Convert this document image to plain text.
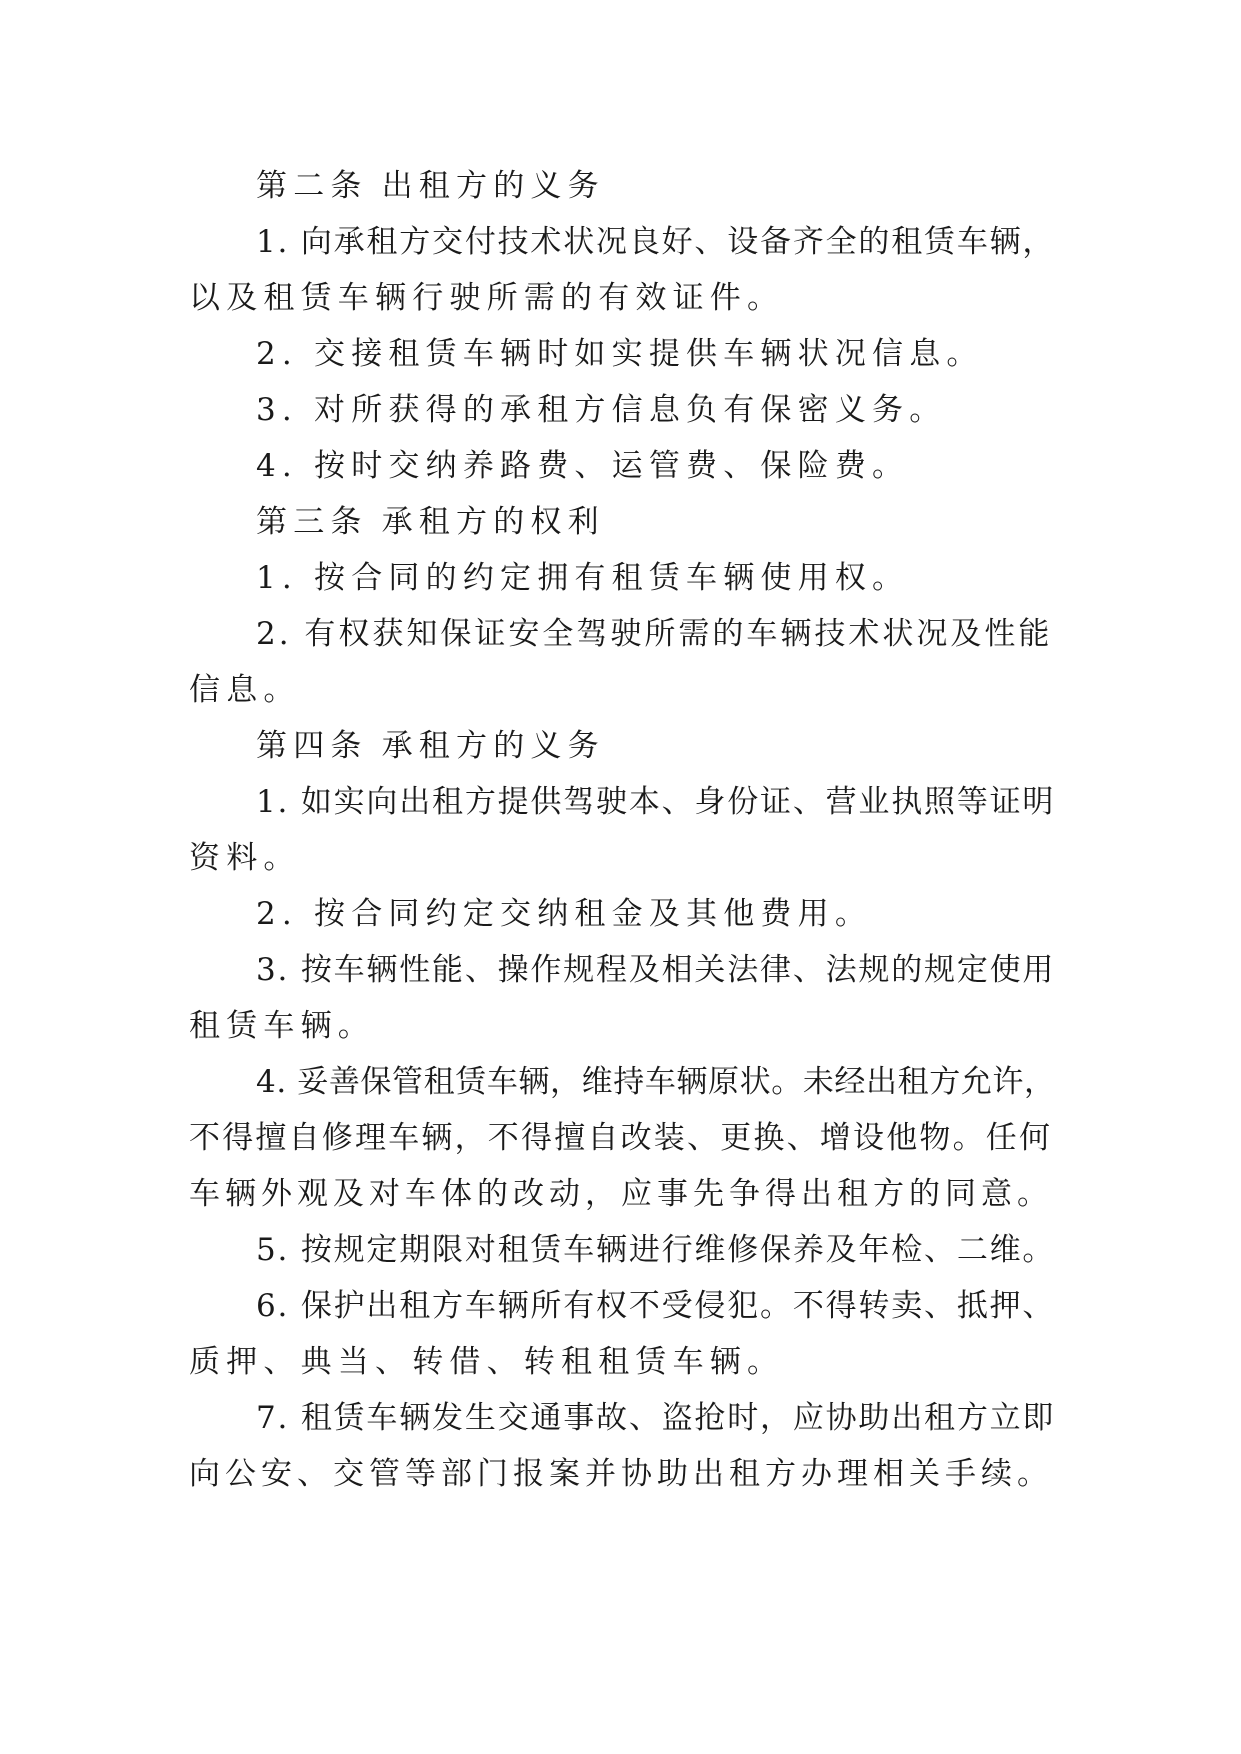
第二条 出租方的义务
1. 向承租方交付技术状况良好、设备齐全的租赁车辆，
以及租赁车辆行驶所需的有效证件。
2. 交接租赁车辆时如实提供车辆状况信息。
3. 对所获得的承租方信息负有保密义务。
4. 按时交纳养路费、运管费、保险费。
第三条 承租方的权利
1. 按合同的约定拥有租赁车辆使用权。
2. 有权获知保证安全驾驶所需的车辆技术状况及性能
信息。
第四条 承租方的义务
1. 如实向出租方提供驾驶本、身份证、营业执照等证明
资料。
2. 按合同约定交纳租金及其他费用。
3. 按车辆性能、操作规程及相关法律、法规的规定使用
租赁车辆。
4. 妥善保管租赁车辆，维持车辆原状。未经出租方允许，
不得擅自修理车辆，不得擅自改装、更换、增设他物。任何
车辆外观及对车体的改动，应事先争得出租方的同意。
5. 按规定期限对租赁车辆进行维修保养及年检、二维。
6. 保护出租方车辆所有权不受侵犯。不得转卖、抵押、
质押、典当、转借、转租租赁车辆。
7. 租赁车辆发生交通事故、盗抢时，应协助出租方立即
向公安、交管等部门报案并协助出租方办理相关手续。
